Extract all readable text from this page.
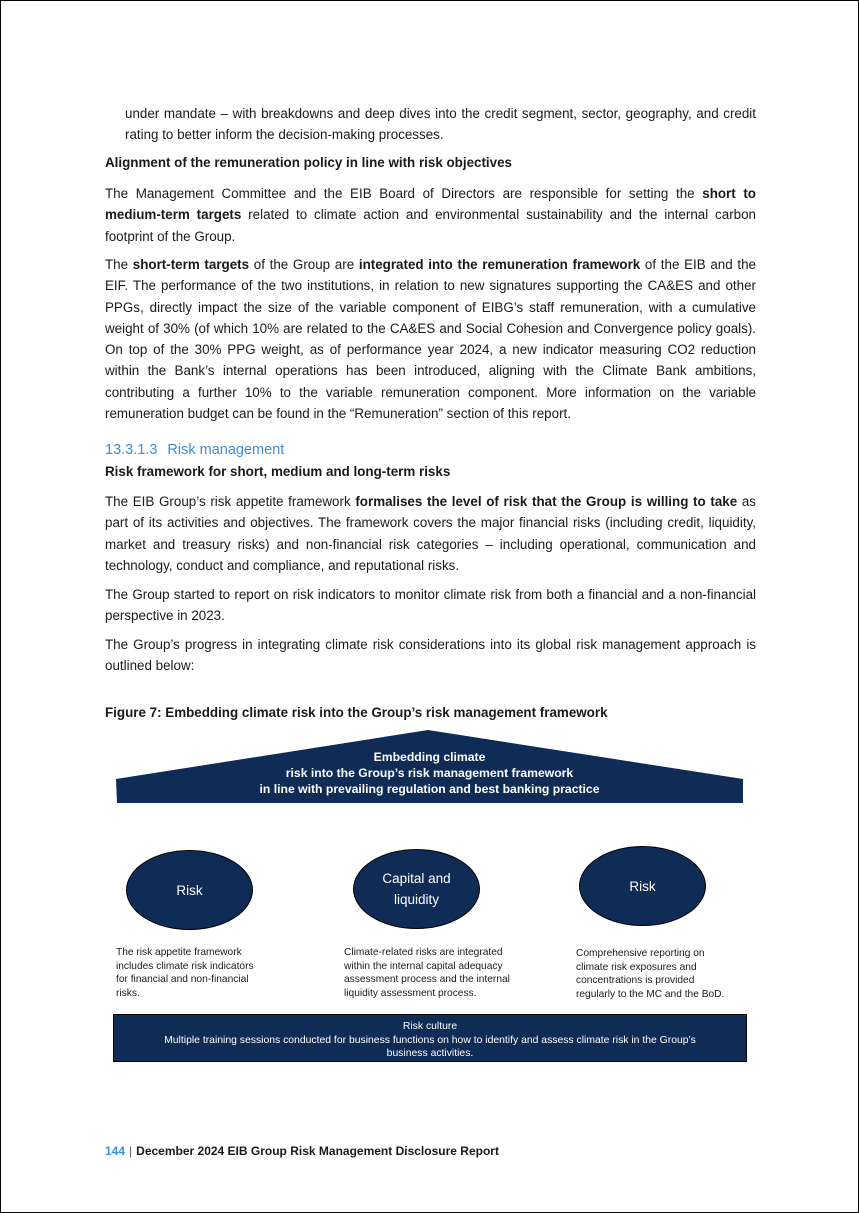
under mandate – with breakdowns and deep dives into the credit segment, sector, geography, and credit rating to better inform the decision-making processes.

Alignment of the remuneration policy in line with risk objectives

The Management Committee and the EIB Board of Directors are responsible for setting the short to medium-term targets related to climate action and environmental sustainability and the internal carbon footprint of the Group.

The short-term targets of the Group are integrated into the remuneration framework of the EIB and the EIF. The performance of the two institutions, in relation to new signatures supporting the CA&ES and other PPGs, directly impact the size of the variable component of EIBG’s staff remuneration, with a cumulative weight of 30% (of which 10% are related to the CA&ES and Social Cohesion and Convergence policy goals). On top of the 30% PPG weight, as of performance year 2024, a new indicator measuring CO2 reduction within the Bank’s internal operations has been introduced, aligning with the Climate Bank ambitions, contributing a further 10% to the variable remuneration component. More information on the variable remuneration budget can be found in the “Remuneration” section of this report.

13.3.1.3 Risk management

Risk framework for short, medium and long-term risks

The EIB Group’s risk appetite framework formalises the level of risk that the Group is willing to take as part of its activities and objectives. The framework covers the major financial risks (including credit, liquidity, market and treasury risks) and non-financial risk categories – including operational, communication and technology, conduct and compliance, and reputational risks.

The Group started to report on risk indicators to monitor climate risk from both a financial and a non-financial perspective in 2023.

The Group’s progress in integrating climate risk considerations into its global risk management approach is outlined below:

Figure 7: Embedding climate risk into the Group’s risk management framework

Embedding climate
risk into the Group’s risk management framework
in line with prevailing regulation and best banking practice
Risk
Capital and liquidity
Risk

The risk appetite framework includes climate risk indicators for financial and non-financial risks.

Climate-related risks are integrated within the internal capital adequacy assessment process and the internal liquidity assessment process.

Comprehensive reporting on climate risk exposures and concentrations is provided regularly to the MC and the BoD.

Risk culture
Multiple training sessions conducted for business functions on how to identify and assess climate risk in the Group’s business activities.

144 | December 2024 EIB Group Risk Management Disclosure Report
